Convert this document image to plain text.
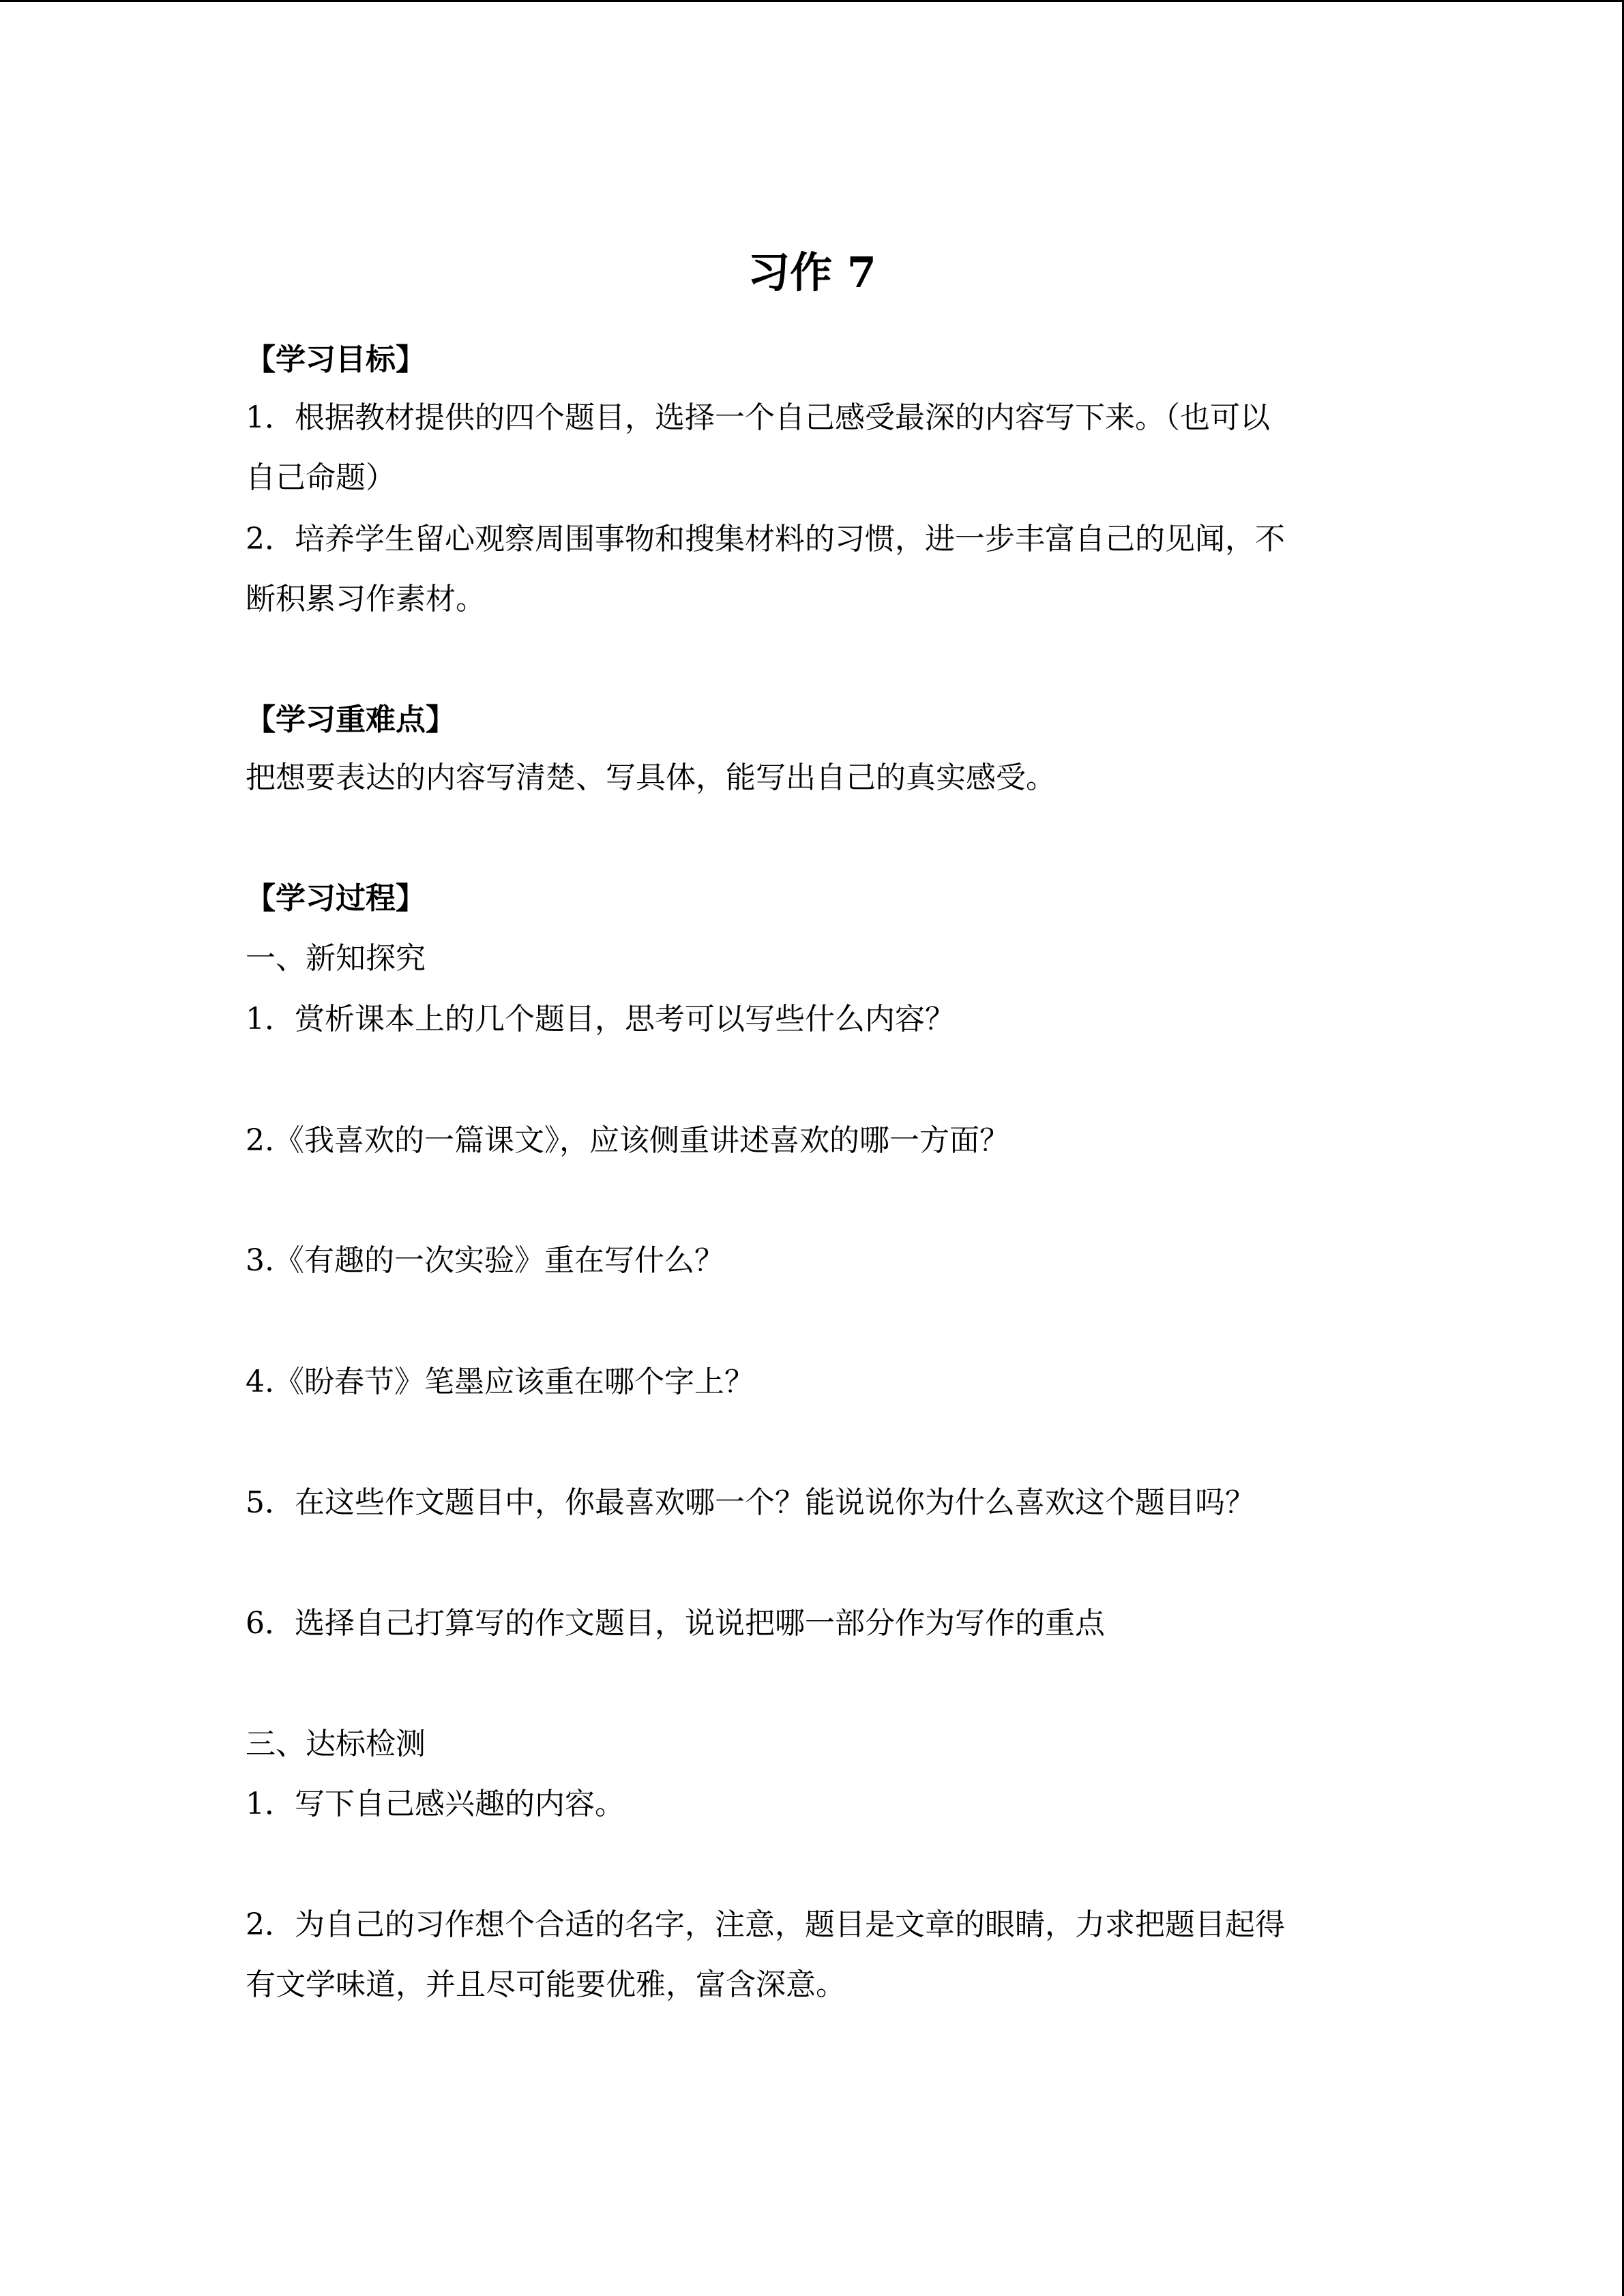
习作 7
【学习目标】
1．根据教材提供的四个题目，选择一个自己感受最深的内容写下来。（也可以
自己命题）
2．培养学生留心观察周围事物和搜集材料的习惯，进一步丰富自己的见闻，不
断积累习作素材。
【学习重难点】
把想要表达的内容写清楚、写具体，能写出自己的真实感受。
【学习过程】
一、新知探究
1．赏析课本上的几个题目，思考可以写些什么内容？
2.《我喜欢的一篇课文》，应该侧重讲述喜欢的哪一方面？
3.《有趣的一次实验》重在写什么？
4.《盼春节》笔墨应该重在哪个字上？
5．在这些作文题目中，你最喜欢哪一个？能说说你为什么喜欢这个题目吗？
6．选择自己打算写的作文题目，说说把哪一部分作为写作的重点
三、达标检测
1．写下自己感兴趣的内容。
2．为自己的习作想个合适的名字，注意，题目是文章的眼睛，力求把题目起得
有文学味道，并且尽可能要优雅，富含深意。
